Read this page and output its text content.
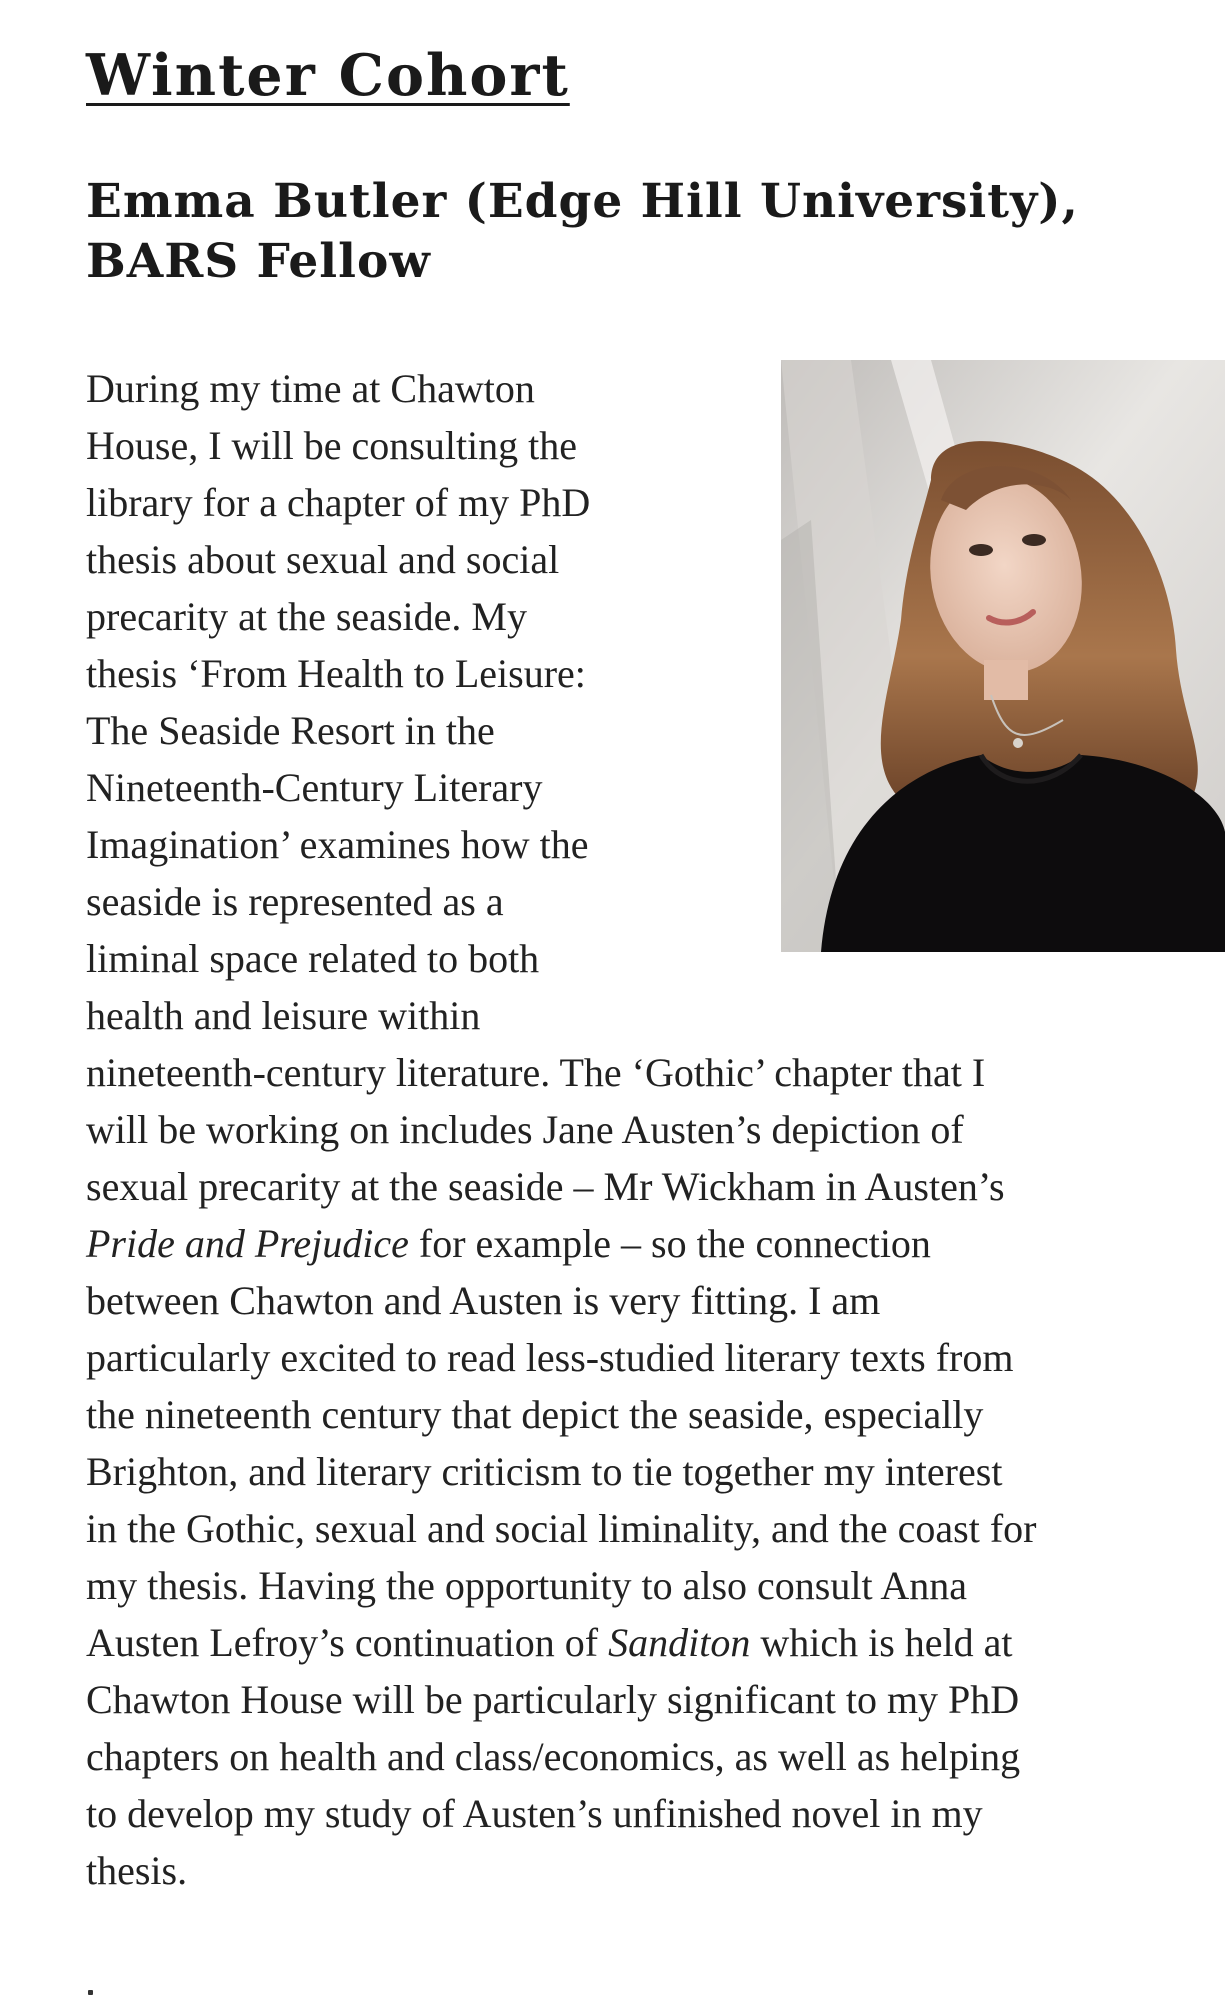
Winter Cohort
Emma Butler (Edge Hill University),
BARS Fellow
During my time at Chawton
House, I will be consulting the
library for a chapter of my PhD
thesis about sexual and social
precarity at the seaside. My
thesis ‘From Health to Leisure:
The Seaside Resort in the
Nineteenth-Century Literary
Imagination’ examines how the
seaside is represented as a
liminal space related to both
health and leisure within
nineteenth-century literature. The ‘Gothic’ chapter that I
will be working on includes Jane Austen’s depiction of
sexual precarity at the seaside – Mr Wickham in Austen’s
Pride and Prejudice for example – so the connection
between Chawton and Austen is very fitting. I am
particularly excited to read less-studied literary texts from
the nineteenth century that depict the seaside, especially
Brighton, and literary criticism to tie together my interest
in the Gothic, sexual and social liminality, and the coast for
my thesis. Having the opportunity to also consult Anna
Austen Lefroy’s continuation of Sanditon which is held at
Chawton House will be particularly significant to my PhD
chapters on health and class/economics, as well as helping
to develop my study of Austen’s unfinished novel in my
thesis.
